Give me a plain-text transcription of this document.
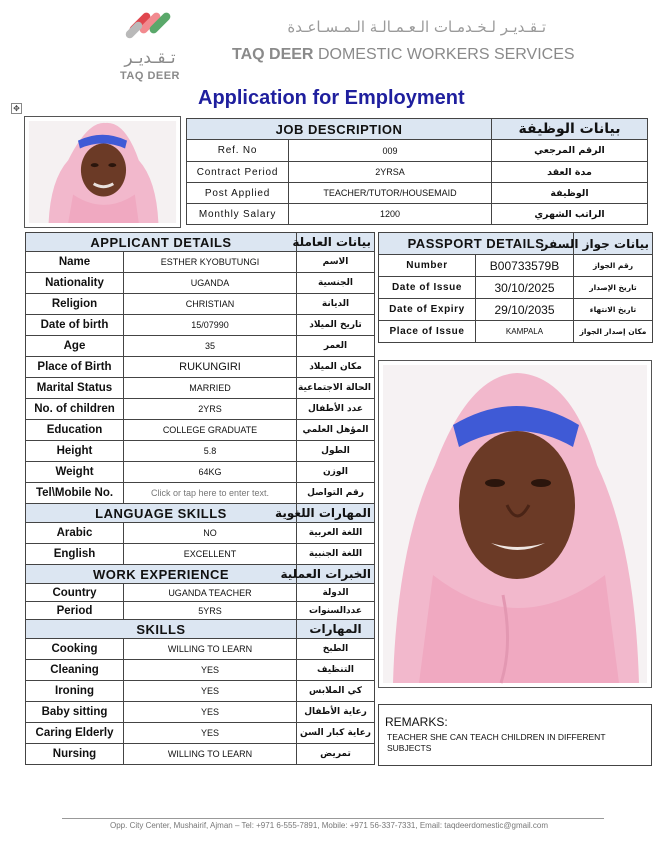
تـقـديـر
TAQ DEER
تـقـديـر لـخـدمـات الـعـمـالـة الـمـسـاعـدة
TAQ DEER DOMESTIC WORKERS SERVICES
Application for Employment
✥
JOB DESCRIPTION		بيانات الوظيفة
Ref. No	009	الرقم المرجعي
Contract Period	2YRSA	مدة العقد
Post Applied	TEACHER/TUTOR/HOUSEMAID	الوظيفة
Monthly Salary	1200	الراتب الشهري
APPLICANT DETAILS		بيانات العاملة
Name	ESTHER KYOBUTUNGI	الاسم
Nationality	UGANDA	الجنسية
Religion	CHRISTIAN	الديانة
Date of birth	15/07990	تاريخ الميلاد
Age	35	العمر
Place of Birth	RUKUNGIRI	مكان الميلاد
Marital Status	MARRIED	الحالة الاجتماعية
No. of children	2YRS	عدد الأطفال
Education	COLLEGE GRADUATE	المؤهل العلمي
Height	5.8	الطول
Weight	64KG	الوزن
Tel\Mobile No.	Click or tap here to enter text.	رقم التواصل
LANGUAGE SKILLS		المهارات اللغوية
Arabic	NO	اللغة العربية
English	EXCELLENT	اللغة الجنبية
WORK EXPERIENCE		الخبرات العملية
Country	UGANDA TEACHER	الدولة
Period	5YRS	عددالسنوات
SKILLS		المهارات
Cooking	WILLING TO LEARN	الطبخ
Cleaning	YES	التنظيف
Ironing	YES	كي الملابس
Baby sitting	YES	رعاية الأطفال
Caring Elderly	YES	رعاية كبار السن
Nursing	WILLING TO LEARN	تمريض
PASSPORT DETAILS		بيانات جواز السفر
Number	B00733579B	رقم الجواز
Date of Issue	30/10/2025	تاريخ الإصدار
Date of Expiry	29/10/2035	تاريخ الانتهاء
Place of Issue	KAMPALA	مكان إصدار الجواز
REMARKS:
TEACHER SHE CAN TEACH CHILDREN IN DIFFERENT SUBJECTS
Opp. City Center, Mushairif, Ajman – Tel: +971 6-555-7891, Mobile: +971 56-337-7331, Email: taqdeerdomestic@gmail.com
